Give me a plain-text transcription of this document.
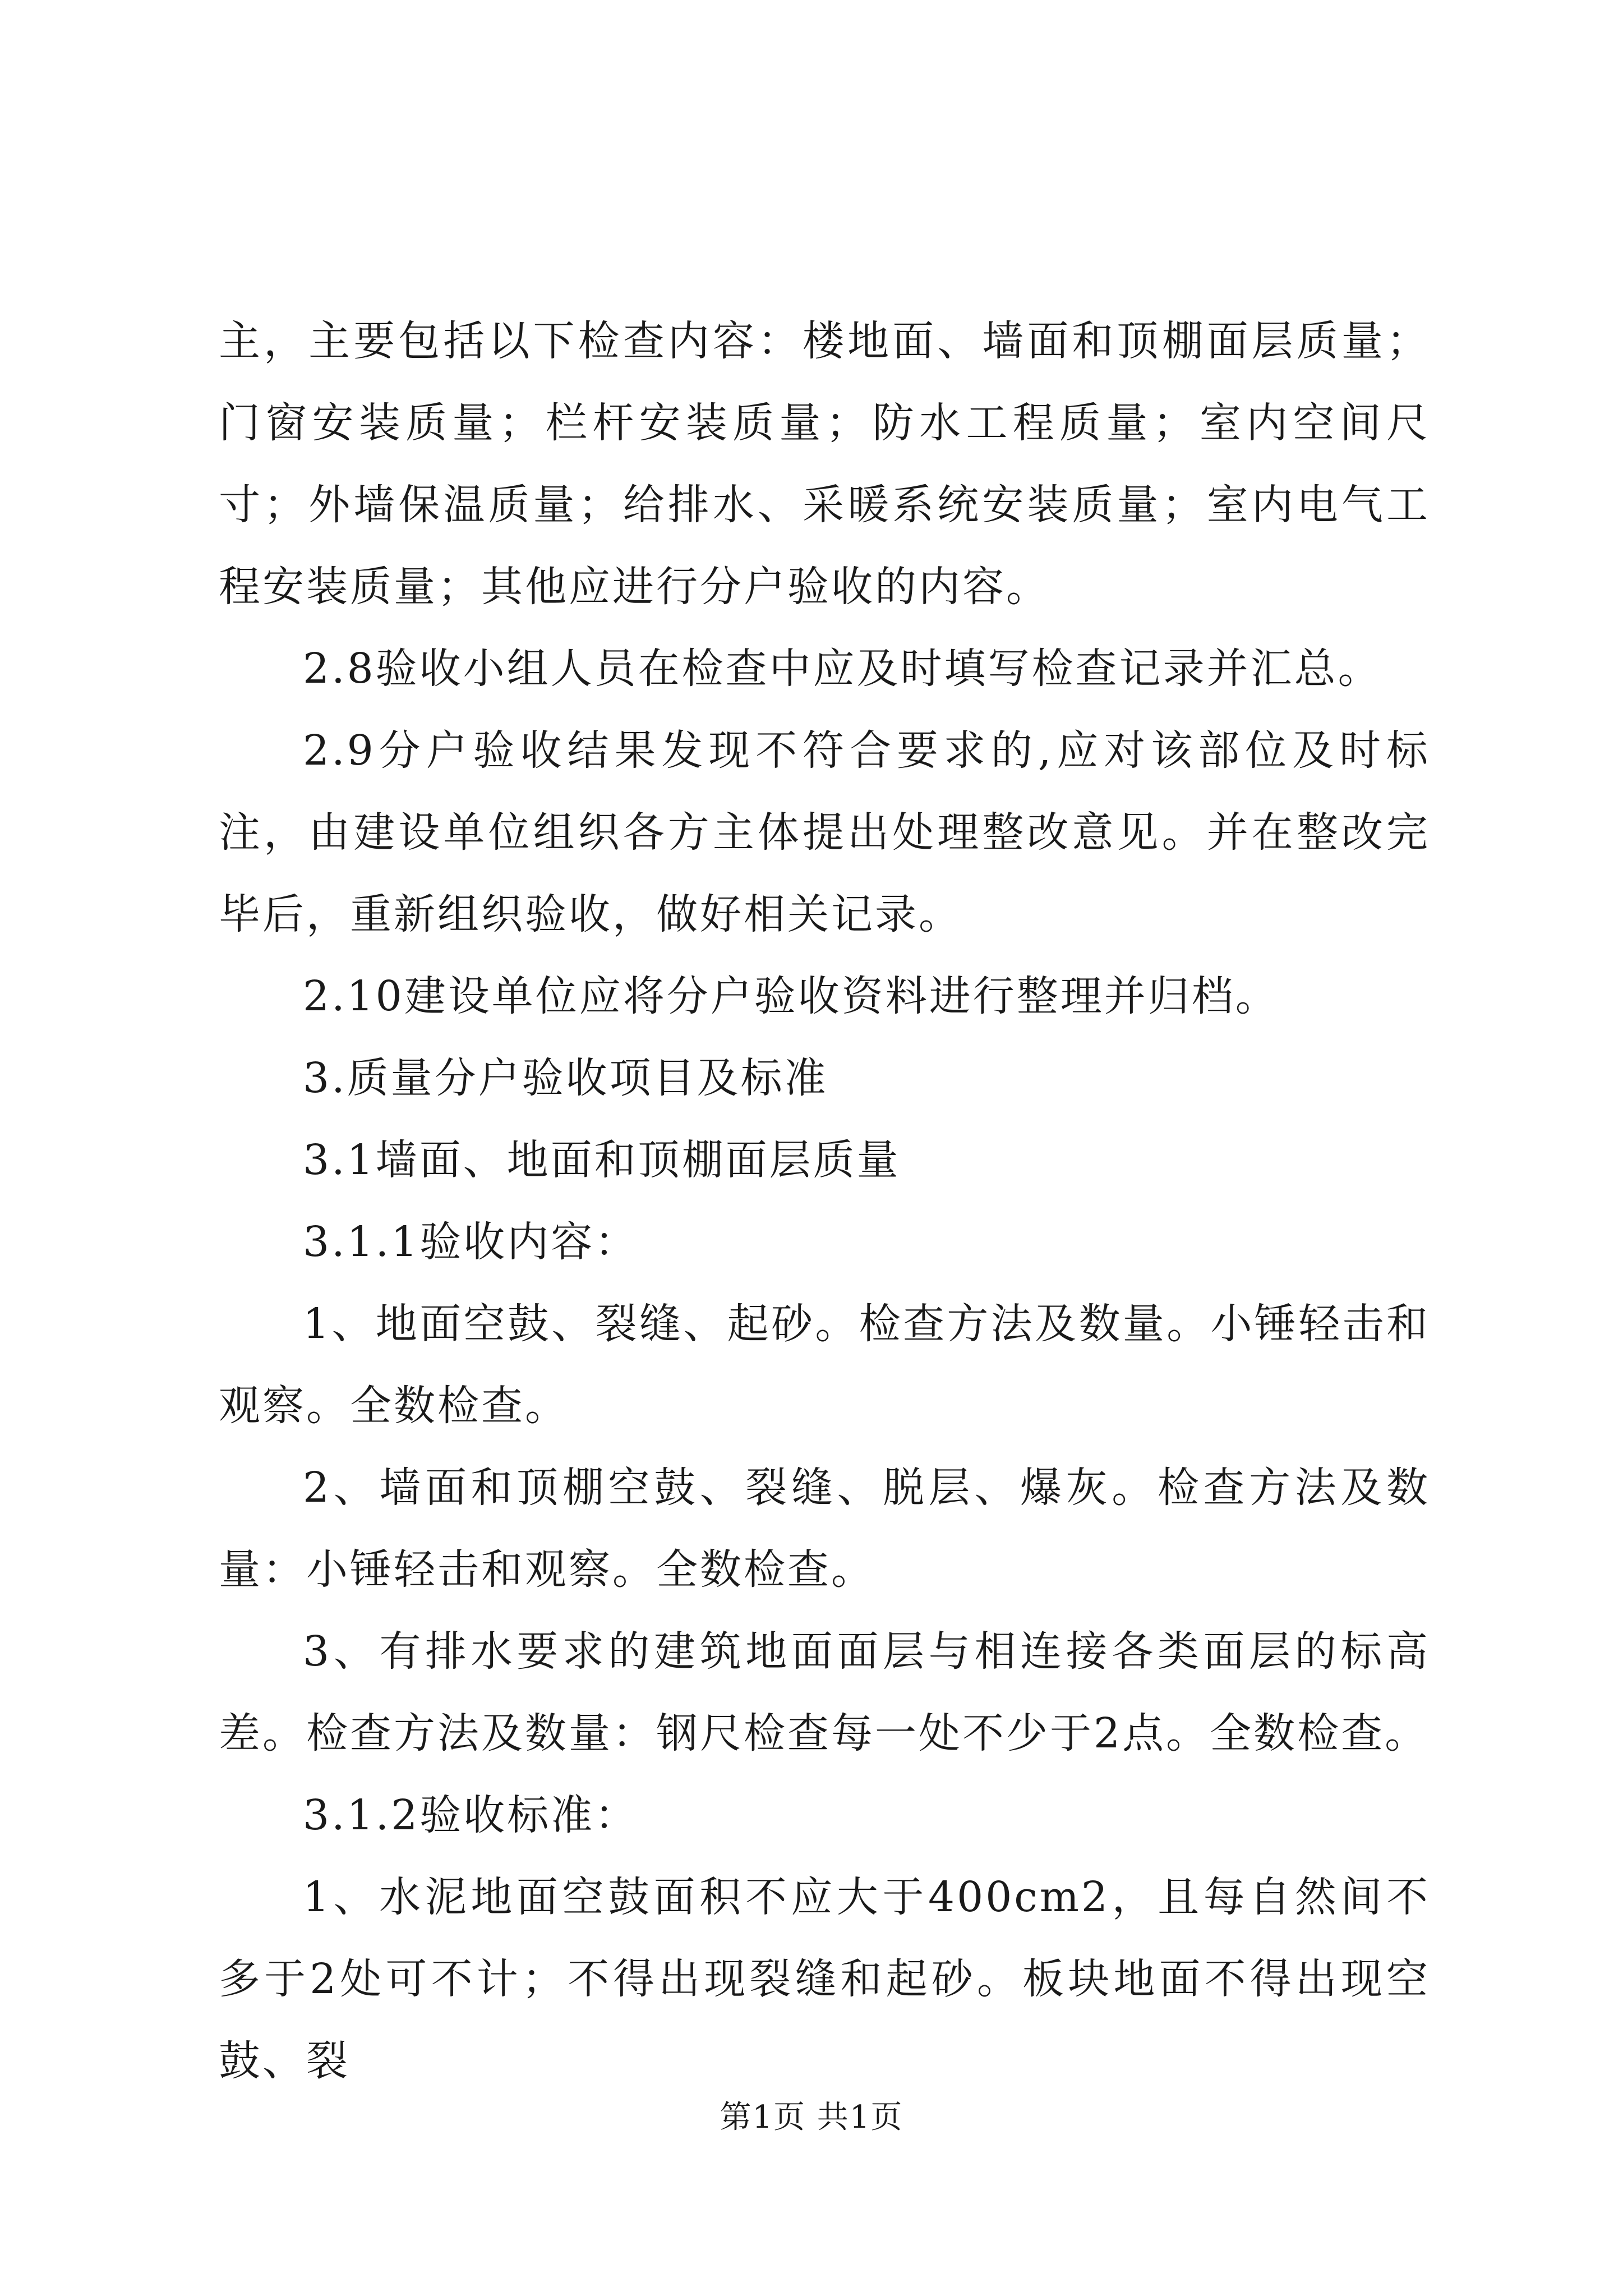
主，主要包括以下检查内容：楼地面、墙面和顶棚面层质量；门窗安装质量；栏杆安装质量；防水工程质量；室内空间尺寸；外墙保温质量；给排水、采暖系统安装质量；室内电气工程安装质量；其他应进行分户验收的内容。

2.8验收小组人员在检查中应及时填写检查记录并汇总。

2.9分户验收结果发现不符合要求的,应对该部位及时标注，由建设单位组织各方主体提出处理整改意见。并在整改完毕后，重新组织验收，做好相关记录。

2.10建设单位应将分户验收资料进行整理并归档。

3.质量分户验收项目及标准

3.1墙面、地面和顶棚面层质量

3.1.1验收内容：

1、地面空鼓、裂缝、起砂。检查方法及数量。小锤轻击和观察。全数检查。

2、墙面和顶棚空鼓、裂缝、脱层、爆灰。检查方法及数量：小锤轻击和观察。全数检查。

3、有排水要求的建筑地面面层与相连接各类面层的标高差。检查方法及数量：钢尺检查每一处不少于2点。全数检查。

3.1.2验收标准：

1、水泥地面空鼓面积不应大于400cm2，且每自然间不多于2处可不计；不得出现裂缝和起砂。板块地面不得出现空鼓、裂

第1页 共1页
